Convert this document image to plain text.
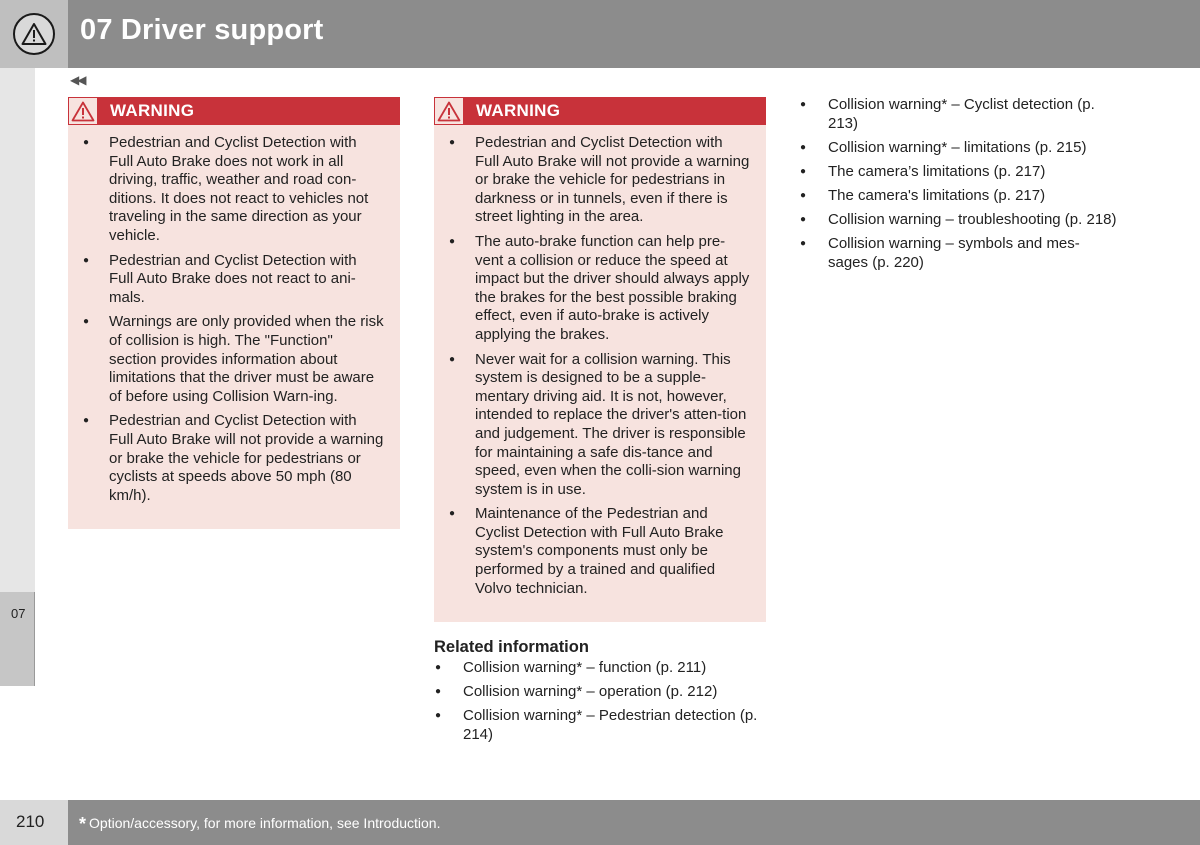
07 Driver support
◀◀
07
WARNING
● Pedestrian and Cyclist Detection with Full Auto Brake does not work in all driving, traffic, weather and road con-ditions. It does not react to vehicles not traveling in the same direction as your vehicle.
● Pedestrian and Cyclist Detection with Full Auto Brake does not react to ani-mals.
● Warnings are only provided when the risk of collision is high. The "Function" section provides information about limitations that the driver must be aware of before using Collision Warn-ing.
● Pedestrian and Cyclist Detection with Full Auto Brake will not provide a warning or brake the vehicle for pedestrians or cyclists at speeds above 50 mph (80 km/h).
WARNING
● Pedestrian and Cyclist Detection with Full Auto Brake will not provide a warning or brake the vehicle for pedestrians in darkness or in tunnels, even if there is street lighting in the area.
● The auto-brake function can help pre-vent a collision or reduce the speed at impact but the driver should always apply the brakes for the best possible braking effect, even if auto-brake is actively applying the brakes.
● Never wait for a collision warning. This system is designed to be a supple-mentary driving aid. It is not, however, intended to replace the driver's atten-tion and judgement. The driver is responsible for maintaining a safe dis-tance and speed, even when the colli-sion warning system is in use.
● Maintenance of the Pedestrian and Cyclist Detection with Full Auto Brake system's components must only be performed by a trained and qualified Volvo technician.
Related information
● Collision warning* – function (p. 211)
● Collision warning* – operation (p. 212)
● Collision warning* – Pedestrian detection (p. 214)
● Collision warning* – Cyclist detection (p. 213)
● Collision warning* – limitations (p. 215)
● The camera’s limitations (p. 217)
● The camera's limitations (p. 217)
● Collision warning – troubleshooting (p. 218)
● Collision warning – symbols and mes-sages (p. 220)
210 * Option/accessory, for more information, see Introduction.
